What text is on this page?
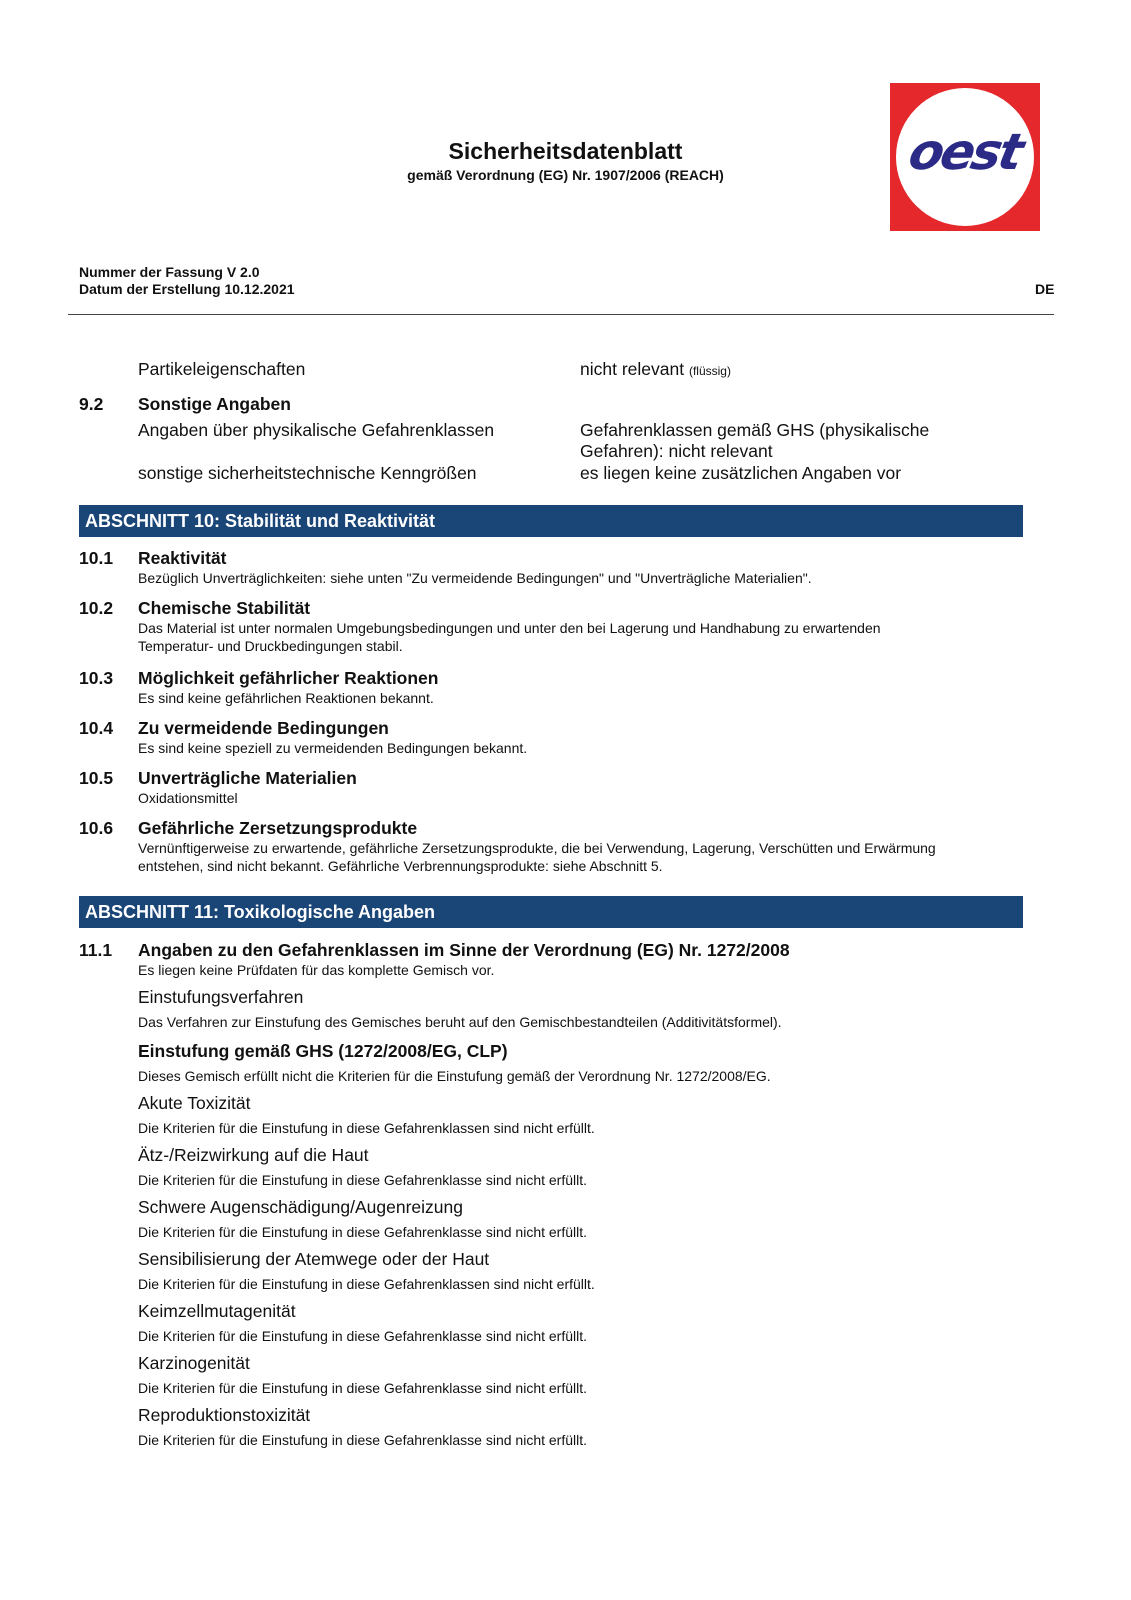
Sicherheitsdatenblatt
gemäß Verordnung (EG) Nr. 1907/2006 (REACH)	oest
Nummer der Fassung V 2.0
Datum der Erstellung 10.12.2021	DE
Partikeleigenschaften	nicht relevant (flüssig)
9.2 Sonstige Angaben
Angaben über physikalische Gefahrenklassen	Gefahrenklassen gemäß GHS (physikalische
Gefahren): nicht relevant
sonstige sicherheitstechnische Kenngrößen	es liegen keine zusätzlichen Angaben vor
ABSCHNITT 10: Stabilität und Reaktivität
10.1 Reaktivität
Bezüglich Unverträglichkeiten: siehe unten "Zu vermeidende Bedingungen" und "Unverträgliche Materialien".
10.2 Chemische Stabilität
Das Material ist unter normalen Umgebungsbedingungen und unter den bei Lagerung und Handhabung zu erwartenden
Temperatur- und Druckbedingungen stabil.
10.3 Möglichkeit gefährlicher Reaktionen
Es sind keine gefährlichen Reaktionen bekannt.
10.4 Zu vermeidende Bedingungen
Es sind keine speziell zu vermeidenden Bedingungen bekannt.
10.5 Unverträgliche Materialien
Oxidationsmittel
10.6 Gefährliche Zersetzungsprodukte
Vernünftigerweise zu erwartende, gefährliche Zersetzungsprodukte, die bei Verwendung, Lagerung, Verschütten und Erwärmung
entstehen, sind nicht bekannt. Gefährliche Verbrennungsprodukte: siehe Abschnitt 5.
ABSCHNITT 11: Toxikologische Angaben
11.1 Angaben zu den Gefahrenklassen im Sinne der Verordnung (EG) Nr. 1272/2008
Es liegen keine Prüfdaten für das komplette Gemisch vor.
Einstufungsverfahren
Das Verfahren zur Einstufung des Gemisches beruht auf den Gemischbestandteilen (Additivitätsformel).
Einstufung gemäß GHS (1272/2008/EG, CLP)
Dieses Gemisch erfüllt nicht die Kriterien für die Einstufung gemäß der Verordnung Nr. 1272/2008/EG.
Akute Toxizität
Die Kriterien für die Einstufung in diese Gefahrenklassen sind nicht erfüllt.
Ätz-/Reizwirkung auf die Haut
Die Kriterien für die Einstufung in diese Gefahrenklasse sind nicht erfüllt.
Schwere Augenschädigung/Augenreizung
Die Kriterien für die Einstufung in diese Gefahrenklasse sind nicht erfüllt.
Sensibilisierung der Atemwege oder der Haut
Die Kriterien für die Einstufung in diese Gefahrenklassen sind nicht erfüllt.
Keimzellmutagenität
Die Kriterien für die Einstufung in diese Gefahrenklasse sind nicht erfüllt.
Karzinogenität
Die Kriterien für die Einstufung in diese Gefahrenklasse sind nicht erfüllt.
Reproduktionstoxizität
Die Kriterien für die Einstufung in diese Gefahrenklasse sind nicht erfüllt.
